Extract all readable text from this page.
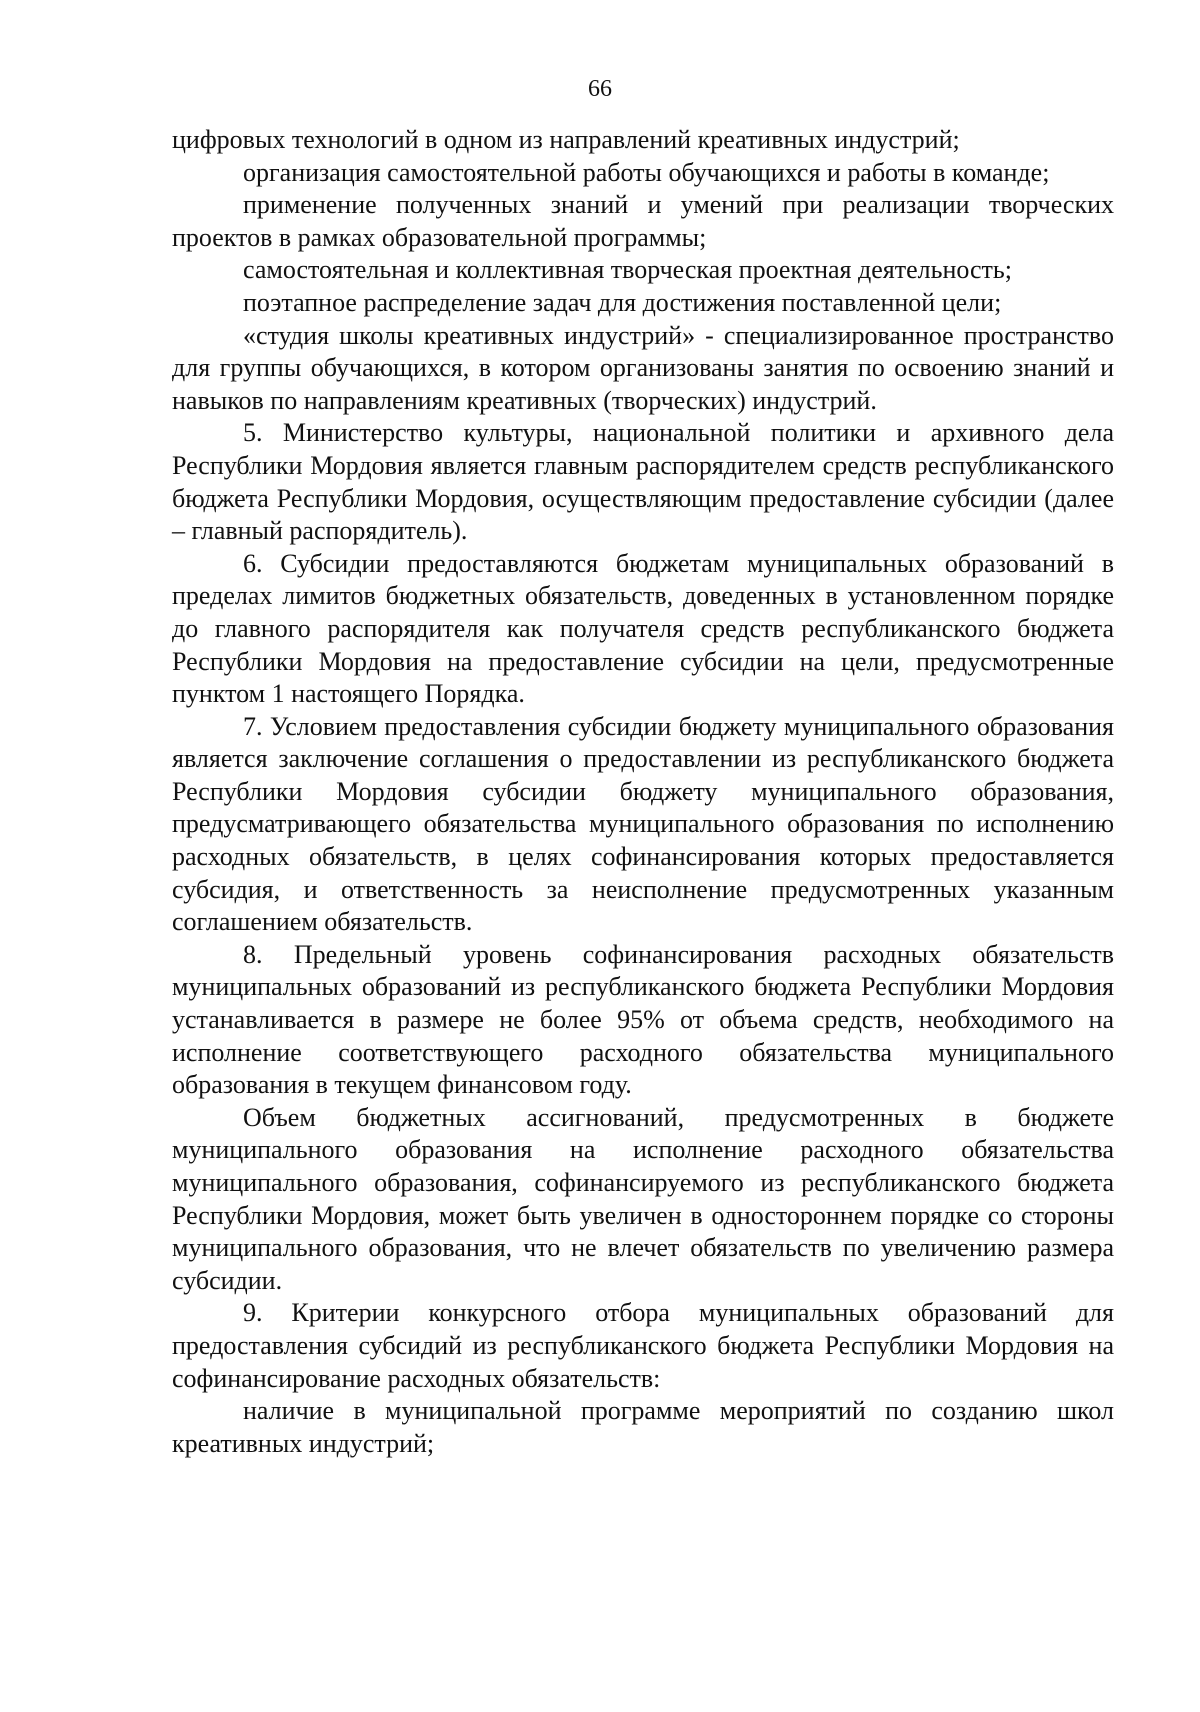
66

цифровых технологий в одном из направлений креативных индустрий;

организация самостоятельной работы обучающихся и работы в команде;

применение полученных знаний и умений при реализации творческих проектов в рамках образовательной программы;

самостоятельная и коллективная творческая проектная деятельность;

поэтапное распределение задач для достижения поставленной цели;

«студия школы креативных индустрий» - специализированное пространство для группы обучающихся, в котором организованы занятия по освоению знаний и навыков по направлениям креативных (творческих) индустрий.

5. Министерство культуры, национальной политики и архивного дела Республики Мордовия является главным распорядителем средств республиканского бюджета Республики Мордовия, осуществляющим предоставление субсидии (далее – главный распорядитель).

6. Субсидии предоставляются бюджетам муниципальных образований в пределах лимитов бюджетных обязательств, доведенных в установленном порядке до главного распорядителя как получателя средств республиканского бюджета Республики Мордовия на предоставление субсидии на цели, предусмотренные пунктом 1 настоящего Порядка.

7. Условием предоставления субсидии бюджету муниципального образования является заключение соглашения о предоставлении из республиканского бюджета Республики Мордовия субсидии бюджету муниципального образования, предусматривающего обязательства муниципального образования по исполнению расходных обязательств, в целях софинансирования которых предоставляется субсидия, и ответственность за неисполнение предусмотренных указанным соглашением обязательств.

8. Предельный уровень софинансирования расходных обязательств муниципальных образований из республиканского бюджета Республики Мордовия устанавливается в размере не более 95% от объема средств, необходимого на исполнение соответствующего расходного обязательства муниципального образования в текущем финансовом году.

Объем бюджетных ассигнований, предусмотренных в бюджете муниципального образования на исполнение расходного обязательства муниципального образования, софинансируемого из республиканского бюджета Республики Мордовия, может быть увеличен в одностороннем порядке со стороны муниципального образования, что не влечет обязательств по увеличению размера субсидии.

9. Критерии конкурсного отбора муниципальных образований для предоставления субсидий из республиканского бюджета Республики Мордовия на софинансирование расходных обязательств:

наличие в муниципальной программе мероприятий по созданию школ креативных индустрий;
